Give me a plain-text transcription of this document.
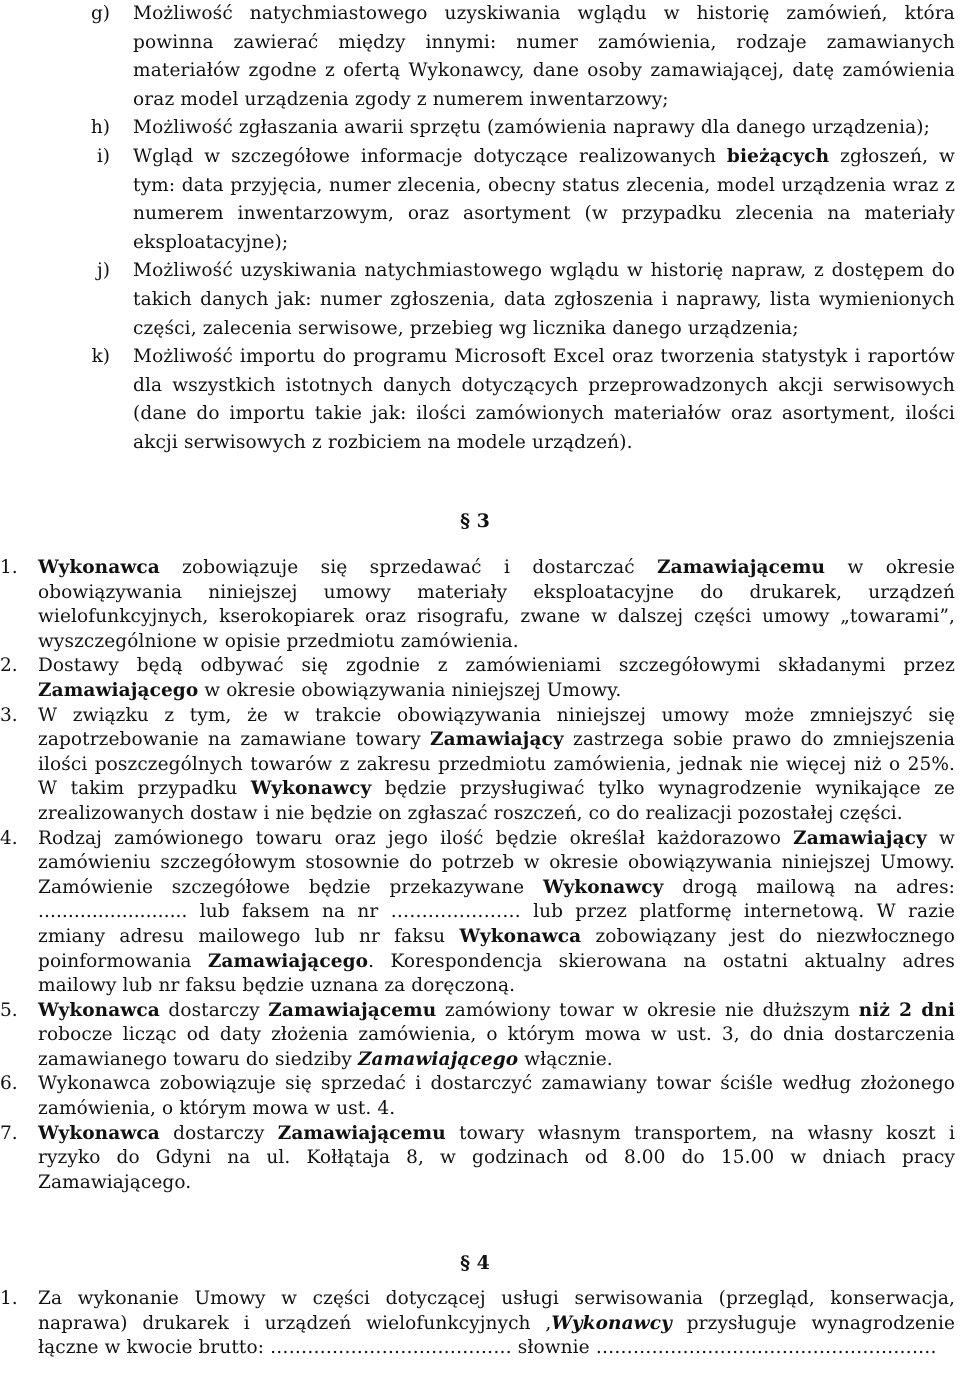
g) Możliwość natychmiastowego uzyskiwania wglądu w historię zamówień, która powinna zawierać między innymi: numer zamówienia, rodzaje zamawianych materiałów zgodne z ofertą Wykonawcy, dane osoby zamawiającej, datę zamówienia oraz model urządzenia zgody z numerem inwentarzowy;
h) Możliwość zgłaszania awarii sprzętu (zamówienia naprawy dla danego urządzenia);
i) Wgląd w szczegółowe informacje dotyczące realizowanych bieżących zgłoszeń, w tym: data przyjęcia, numer zlecenia, obecny status zlecenia, model urządzenia wraz z numerem inwentarzowym, oraz asortyment (w przypadku zlecenia na materiały eksploatacyjne);
j) Możliwość uzyskiwania natychmiastowego wglądu w historię napraw, z dostępem do takich danych jak: numer zgłoszenia, data zgłoszenia i naprawy, lista wymienionych części, zalecenia serwisowe, przebieg wg licznika danego urządzenia;
k) Możliwość importu do programu Microsoft Excel oraz tworzenia statystyk i raportów dla wszystkich istotnych danych dotyczących przeprowadzonych akcji serwisowych (dane do importu takie jak: ilości zamówionych materiałów oraz asortyment, ilości akcji serwisowych z rozbiciem na modele urządzeń).
§ 3
1.	Wykonawca zobowiązuje się sprzedawać i dostarczać Zamawiającemu w okresie obowiązywania niniejszej umowy materiały eksploatacyjne do drukarek, urządzeń wielofunkcyjnych, kserokopiarek oraz risografu, zwane w dalszej części umowy „towarami”, wyszczególnione w opisie przedmiotu zamówienia.
2.	Dostawy będą odbywać się zgodnie z zamówieniami szczegółowymi składanymi przez Zamawiającego w okresie obowiązywania niniejszej Umowy.
3.	W związku z tym, że w trakcie obowiązywania niniejszej umowy może zmniejszyć się zapotrzebowanie na zamawiane towary Zamawiający zastrzega sobie prawo do zmniejszenia ilości poszczególnych towarów z zakresu przedmiotu zamówienia, jednak nie więcej niż o 25%. W takim przypadku Wykonawcy będzie przysługiwać tylko wynagrodzenie wynikające ze zrealizowanych dostaw i nie będzie on zgłaszać roszczeń, co do realizacji pozostałej części.
4.	Rodzaj zamówionego towaru oraz jego ilość będzie określał każdorazowo Zamawiający w zamówieniu szczegółowym stosownie do potrzeb w okresie obowiązywania niniejszej Umowy. Zamówienie szczegółowe będzie przekazywane Wykonawcy drogą mailową na adres: ......................... lub faksem na nr ………………… lub przez platformę internetową. W razie zmiany adresu mailowego lub nr faksu Wykonawca zobowiązany jest do niezwłocznego poinformowania Zamawiającego. Korespondencja skierowana na ostatni aktualny adres mailowy lub nr faksu będzie uznana za doręczoną.
5.	Wykonawca dostarczy Zamawiającemu zamówiony towar w okresie nie dłuższym niż 2 dni robocze licząc od daty złożenia zamówienia, o którym mowa w ust. 3, do dnia dostarczenia zamawianego towaru do siedziby Zamawiającego włącznie.
6.	Wykonawca zobowiązuje się sprzedać i dostarczyć zamawiany towar ściśle według złożonego zamówienia, o którym mowa w ust. 4.
7.	Wykonawca dostarczy Zamawiającemu towary własnym transportem, na własny koszt i ryzyko do Gdyni na ul. Kołłątaja 8, w godzinach od 8.00 do 15.00 w dniach pracy Zamawiającego.
§ 4
1.	Za wykonanie Umowy w części dotyczącej usługi serwisowania (przegląd, konserwacja, naprawa) drukarek i urządzeń wielofunkcyjnych ,Wykonawcy przysługuje wynagrodzenie łączne w kwocie brutto: ………………………………… słownie ……………………………………………….
